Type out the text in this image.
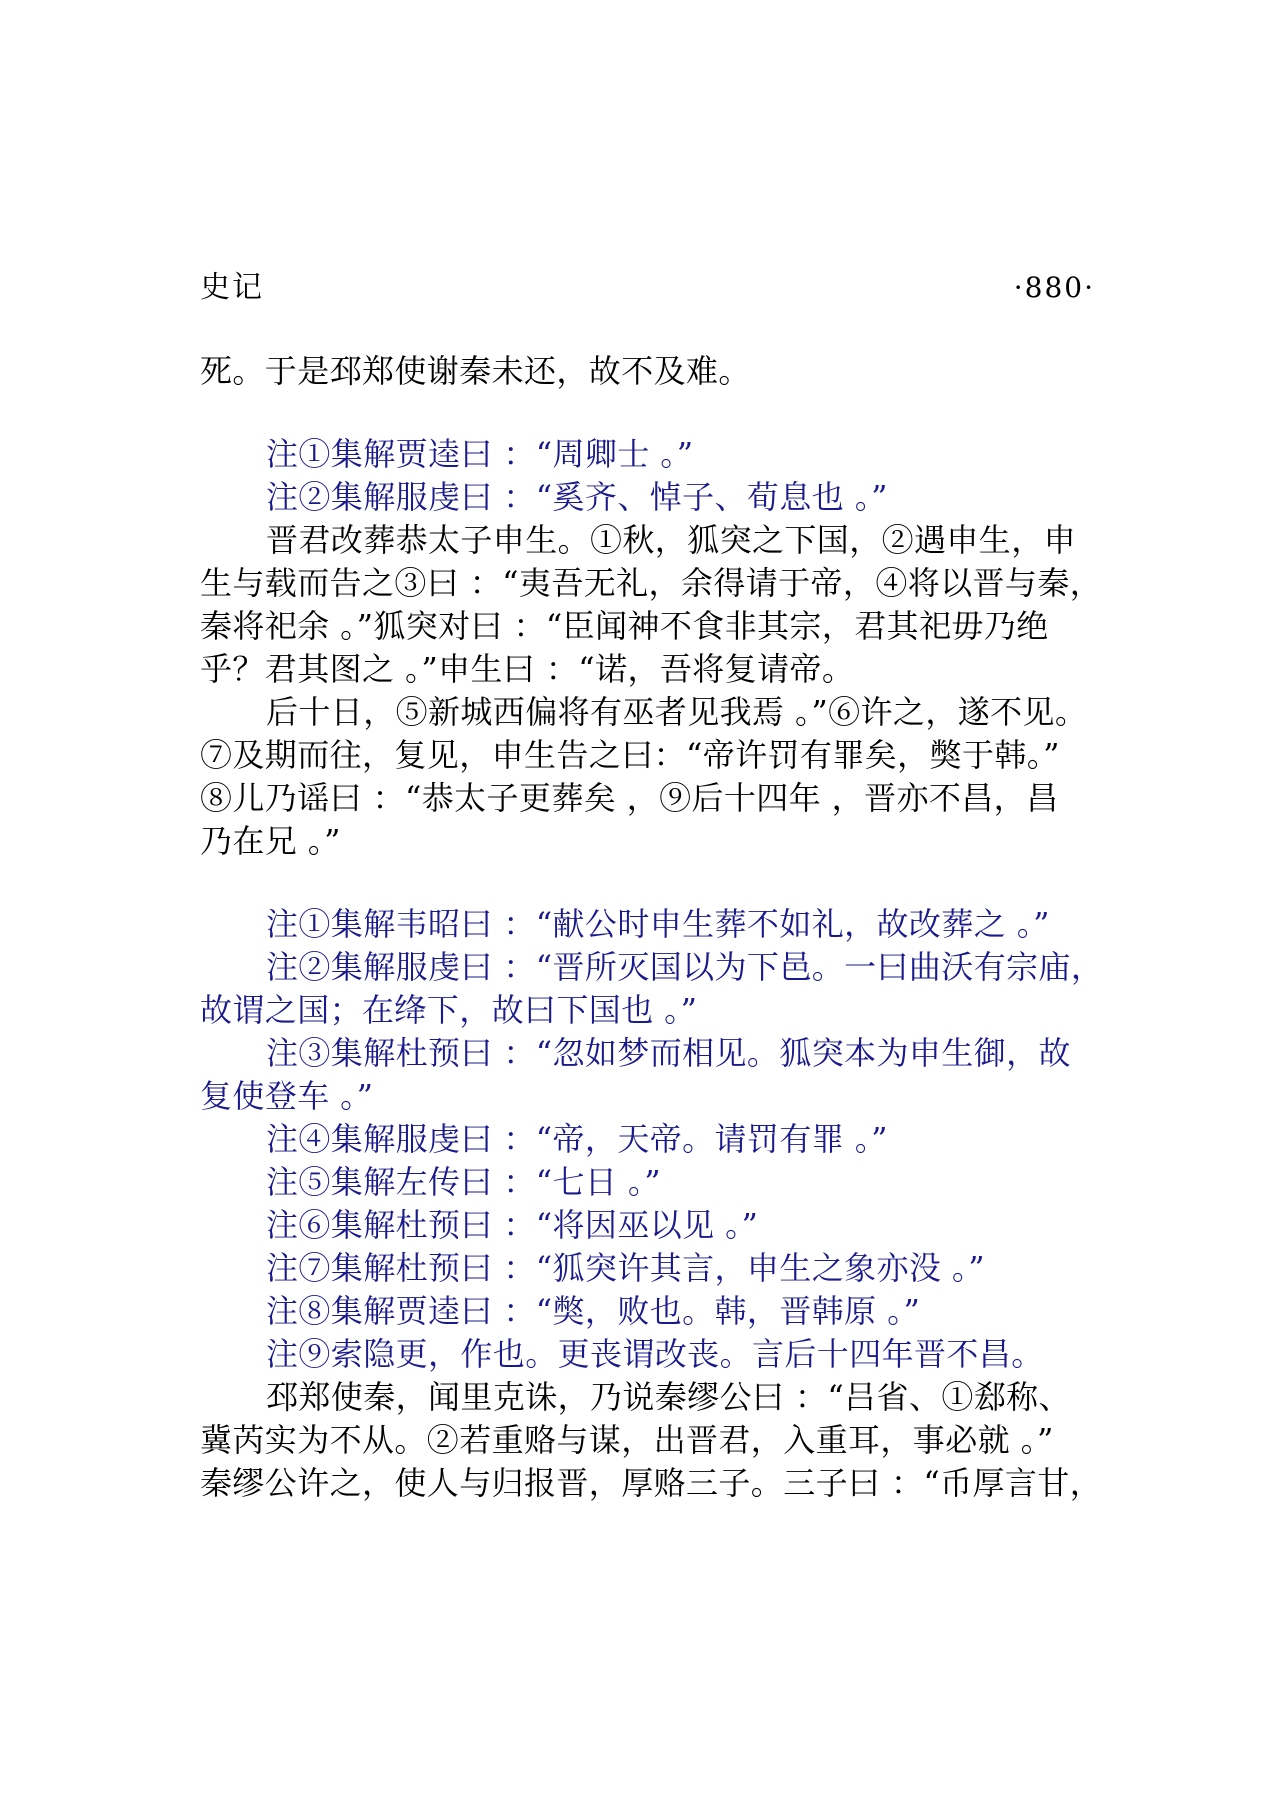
史记	·880·
死。于是邳郑使谢秦未还，故不及难。
注①集解贾逵曰 ：“周卿士 。”
注②集解服虔曰 ：“奚齐、悼子、荀息也 。”
晋君改葬恭太子申生。①秋，狐突之下国，②遇申生，申
生与载而告之③曰 ：“夷吾无礼，余得请于帝，④将以晋与秦，
秦将祀余 。”狐突对曰 ：“臣闻神不食非其宗，君其祀毋乃绝
乎？君其图之 。”申生曰 ：“诺，吾将复请帝。
后十日，⑤新城西偏将有巫者见我焉 。”⑥许之，遂不见。
⑦及期而往，复见，申生告之曰：“帝许罚有罪矣，獘于韩。”
⑧儿乃谣曰 ：“恭太子更葬矣 ，⑨后十四年 ，晋亦不昌，昌
乃在兄 。”
注①集解韦昭曰 ：“献公时申生葬不如礼，故改葬之 。”
注②集解服虔曰 ：“晋所灭国以为下邑。一曰曲沃有宗庙，
故谓之国；在绛下，故曰下国也 。”
注③集解杜预曰 ：“忽如梦而相见。狐突本为申生御，故
复使登车 。”
注④集解服虔曰 ：“帝，天帝。请罚有罪 。”
注⑤集解左传曰 ：“七日 。”
注⑥集解杜预曰 ：“将因巫以见 。”
注⑦集解杜预曰 ：“狐突许其言，申生之象亦没 。”
注⑧集解贾逵曰 ：“獘，败也。韩，晋韩原 。”
注⑨索隐更，作也。更丧谓改丧。言后十四年晋不昌。
邳郑使秦，闻里克诛，乃说秦缪公曰 ：“吕省、①郄称、
冀芮实为不从。②若重赂与谋，出晋君，入重耳，事必就 。”
秦缪公许之，使人与归报晋，厚赂三子。三子曰 ：“币厚言甘，
